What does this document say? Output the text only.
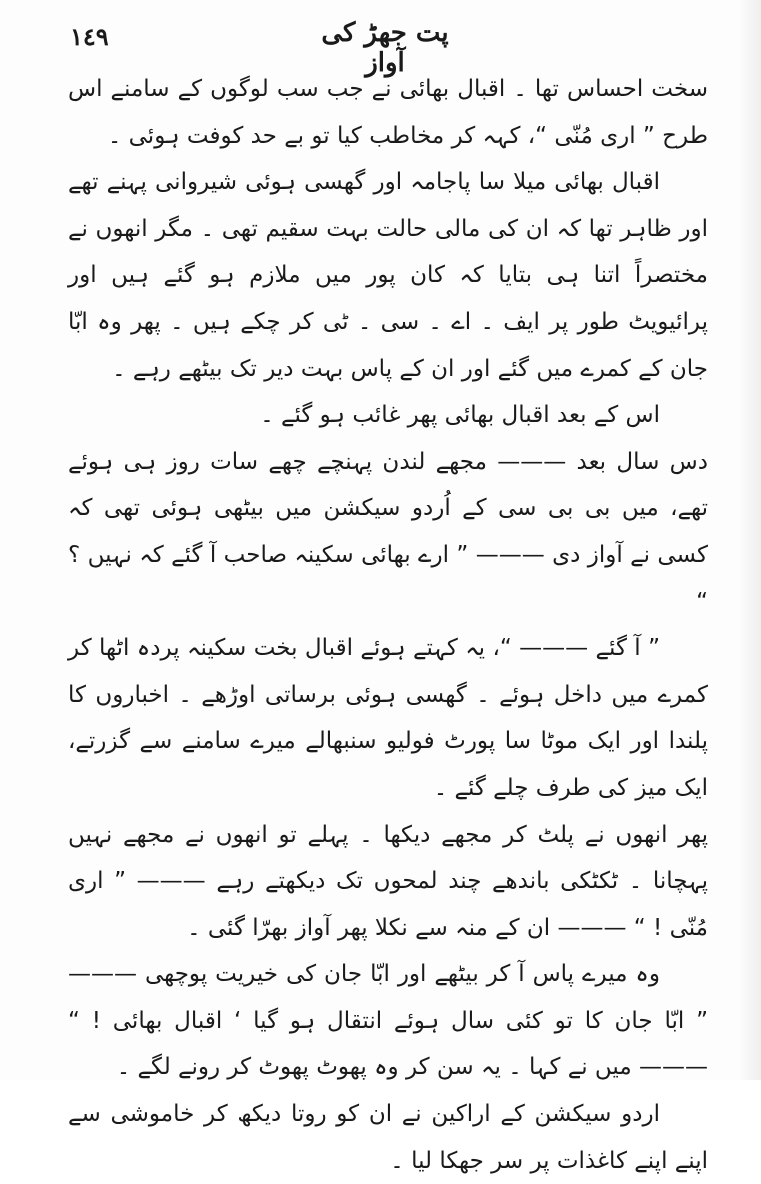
١٤٩	پت جھڑ کی آواز

سخت احساس تھا ۔ اقبال بھائی نے جب سب لوگوں کے سامنے اس طرح ” اری مُنّی “، کہہ کر مخاطب کیا تو بے حد کوفت ہوئی ۔

اقبال بھائی میلا سا پاجامہ اور گھسی ہوئی شیروانی پہنے تھے اور ظاہر تھا کہ ان کی مالی حالت بہت سقیم تھی ۔ مگر انھوں نے مختصراً اتنا ہی بتایا کہ کان پور میں ملازم ہو گئے ہیں اور پرائیویٹ طور پر ایف ۔ اے ۔ سی ۔ ٹی کر چکے ہیں ۔ پھر وہ ابّا جان کے کمرے میں گئے اور ان کے پاس بہت دیر تک بیٹھے رہے ۔

اس کے بعد اقبال بھائی پھر غائب ہو گئے ۔

دس سال بعد ——— مجھے لندن پہنچے چھے سات روز ہی ہوئے تھے، میں بی بی سی کے اُردو سیکشن میں بیٹھی ہوئی تھی کہ کسی نے آواز دی ——— ” ارے بھائی سکینہ صاحب آ گئے کہ نہیں ؟ “

” آ گئے ——— “، یہ کہتے ہوئے اقبال بخت سکینہ پردہ اٹھا کر کمرے میں داخل ہوئے ۔ گھسی ہوئی برساتی اوڑھے ۔ اخباروں کا پلندا اور ایک موٹا سا پورٹ فولیو سنبھالے میرے سامنے سے گزرتے، ایک میز کی طرف چلے گئے ۔

پھر انھوں نے پلٹ کر مجھے دیکھا ۔ پہلے تو انھوں نے مجھے نہیں پہچانا ۔ ٹکٹکی باندھے چند لمحوں تک دیکھتے رہے ——— ” اری مُنّی ! “ ——— ان کے منہ سے نکلا پھر آواز بھرّا گئی ۔

وہ میرے پاس آ کر بیٹھے اور ابّا جان کی خیریت پوچھی ——— ” ابّا جان کا تو کئی سال ہوئے انتقال ہو گیا ‘ اقبال بھائی ! “ ——— میں نے کہا ۔ یہ سن کر وہ پھوٹ پھوٹ کر رونے لگے ۔

اردو سیکشن کے اراکین نے ان کو روتا دیکھ کر خاموشی سے اپنے اپنے کاغذات پر سر جھکا لیا ۔
